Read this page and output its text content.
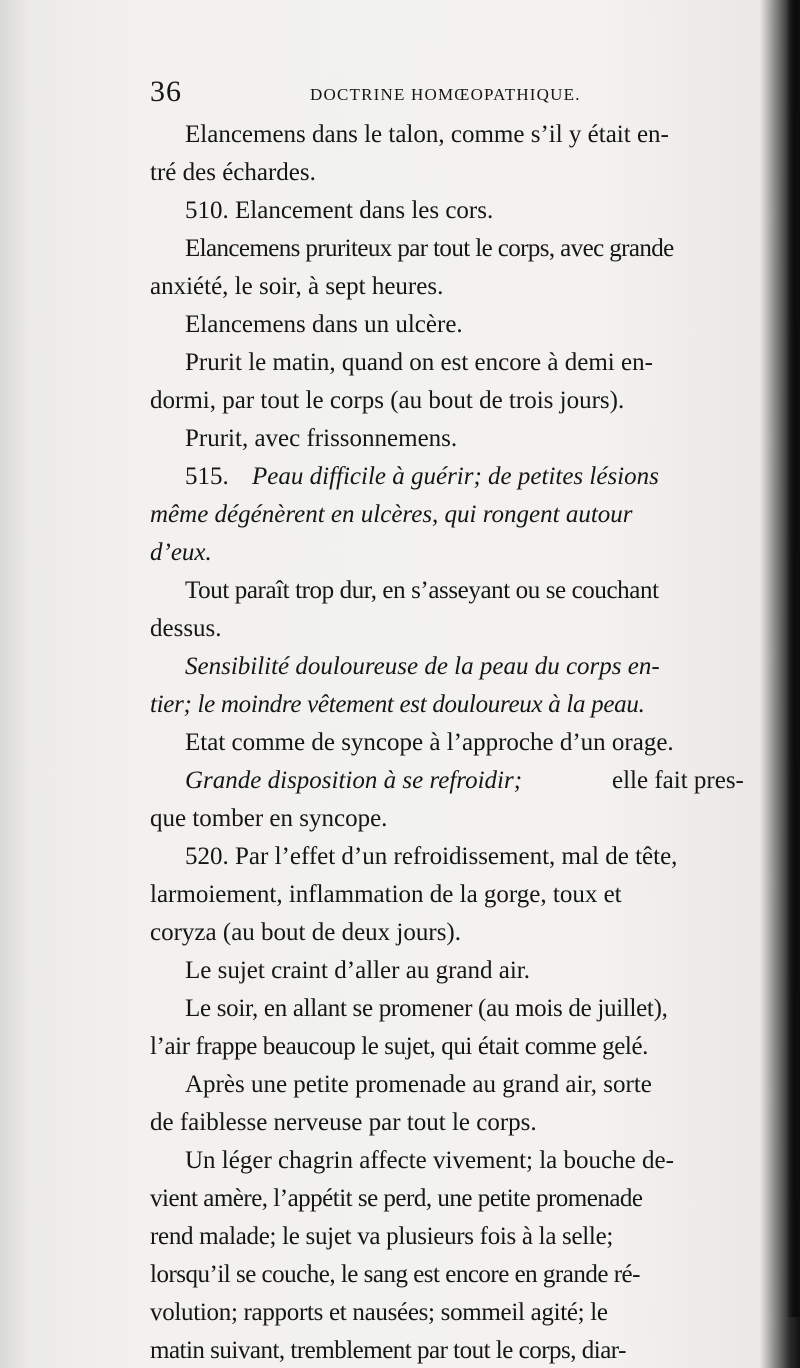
36	DOCTRINE HOMŒOPATHIQUE.
Elancemens dans le talon, comme s’il y était en-
tré des échardes.
510. Elancement dans les cors.
Elancemens pruriteux par tout le corps, avec grande
anxiété, le soir, à sept heures.
Elancemens dans un ulcère.
Prurit le matin, quand on est encore à demi en-
dormi, par tout le corps (au bout de trois jours).
Prurit, avec frissonnemens.
515. Peau difficile à guérir; de petites lésions
même dégénèrent en ulcères, qui rongent autour
d’eux.
Tout paraît trop dur, en s’asseyant ou se couchant
dessus.
Sensibilité douloureuse de la peau du corps en-
tier; le moindre vêtement est douloureux à la peau.
Etat comme de syncope à l’approche d’un orage.
Grande disposition à se refroidir;	elle fait pres-
que tomber en syncope.
520. Par l’effet d’un refroidissement, mal de tête,
larmoiement, inflammation de la gorge, toux et
coryza (au bout de deux jours).
Le sujet craint d’aller au grand air.
Le soir, en allant se promener (au mois de juillet),
l’air frappe beaucoup le sujet, qui était comme gelé.
Après une petite promenade au grand air, sorte
de faiblesse nerveuse par tout le corps.
Un léger chagrin affecte vivement; la bouche de-
vient amère, l’appétit se perd, une petite promenade
rend malade; le sujet va plusieurs fois à la selle;
lorsqu’il se couche, le sang est encore en grande ré-
volution; rapports et nausées; sommeil agité; le
matin suivant, tremblement par tout le corps, diar-
